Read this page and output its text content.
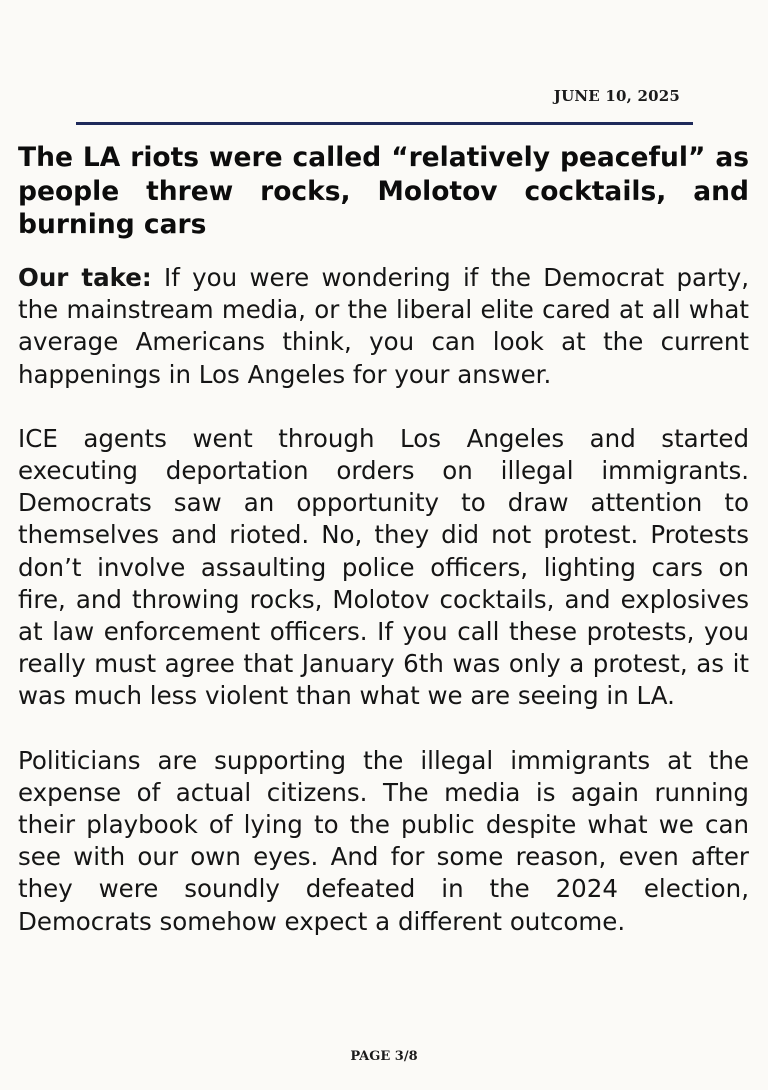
JUNE 10, 2025
The LA riots were called “relatively peaceful” as people threw rocks, Molotov cocktails, and burning cars

Our take: If you were wondering if the Democrat party, the mainstream media, or the liberal elite cared at all what average Americans think, you can look at the current happenings in Los Angeles for your answer.

ICE agents went through Los Angeles and started executing deportation orders on illegal immigrants. Democrats saw an opportunity to draw attention to themselves and rioted. No, they did not protest. Protests don’t involve assaulting police officers, lighting cars on fire, and throwing rocks, Molotov cocktails, and explosives at law enforcement officers. If you call these protests, you really must agree that January 6th was only a protest, as it was much less violent than what we are seeing in LA.

Politicians are supporting the illegal immigrants at the expense of actual citizens. The media is again running their playbook of lying to the public despite what we can see with our own eyes. And for some reason, even after they were soundly defeated in the 2024 election, Democrats somehow expect a different outcome.

PAGE 3/8
